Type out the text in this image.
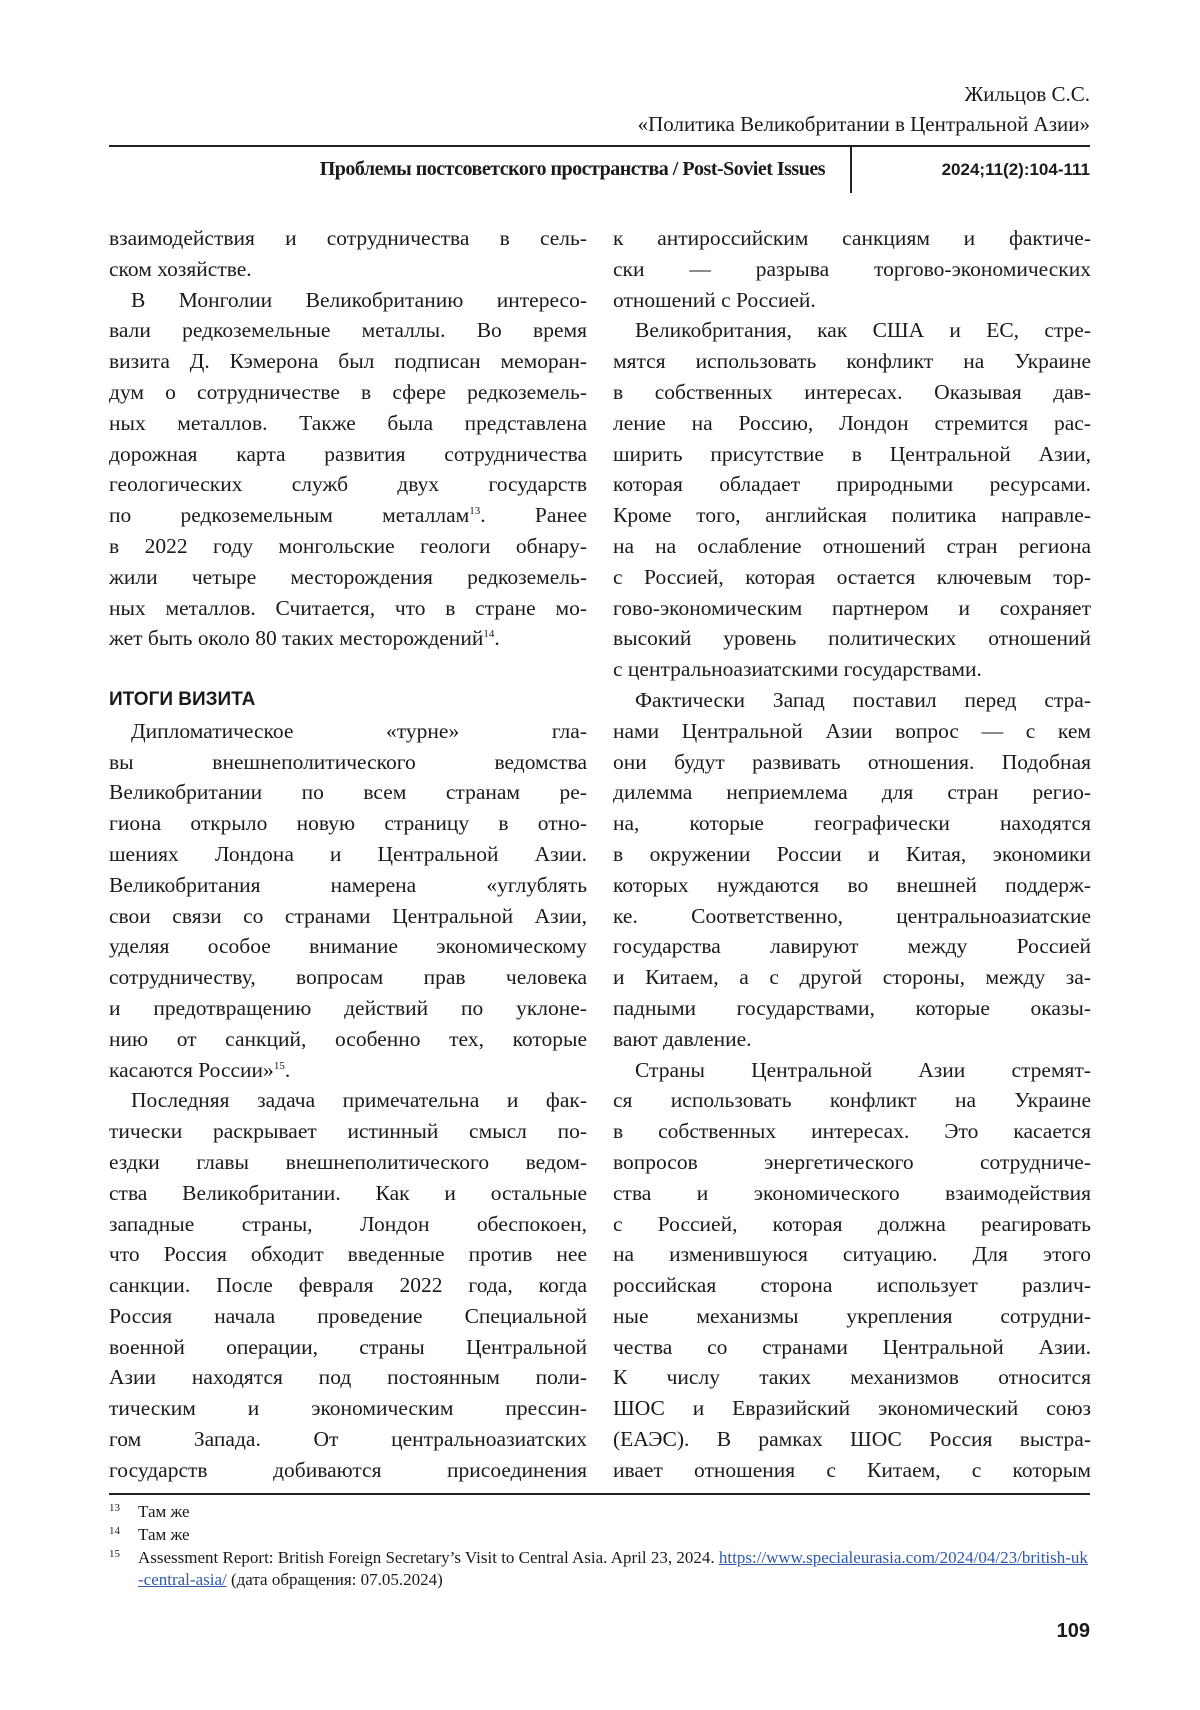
Жильцов С.С.
«Политика Великобритании в Центральной Азии»
Проблемы постсоветского пространства / Post-Soviet Issues	2024;11(2):104-111
взаимодействия и сотрудничества в сель-
ском хозяйстве.
В Монголии Великобританию интересо-
вали редкоземельные металлы. Во время
визита Д. Кэмерона был подписан меморан-
дум о сотрудничестве в сфере редкоземель-
ных металлов. Также была представлена
дорожная карта развития сотрудничества
геологических служб двух государств
по редкоземельным металлам13. Ранее
в 2022 году монгольские геологи обнару-
жили четыре месторождения редкоземель-
ных металлов. Считается, что в стране мо-
жет быть около 80 таких месторождений14.
ИТОГИ ВИЗИТА
Дипломатическое «турне» гла-
вы внешнеполитического ведомства
Великобритании по всем странам ре-
гиона открыло новую страницу в отно-
шениях Лондона и Центральной Азии.
Великобритания намерена «углублять
свои связи со странами Центральной Азии,
уделяя особое внимание экономическому
сотрудничеству, вопросам прав человека
и предотвращению действий по уклоне-
нию от санкций, особенно тех, которые
касаются России»15.
Последняя задача примечательна и фак-
тически раскрывает истинный смысл по-
ездки главы внешнеполитического ведом-
ства Великобритании. Как и остальные
западные страны, Лондон обеспокоен,
что Россия обходит введенные против нее
санкции. После февраля 2022 года, когда
Россия начала проведение Специальной
военной операции, страны Центральной
Азии находятся под постоянным поли-
тическим и экономическим прессин-
гом Запада. От центральноазиатских
государств добиваются присоединения
к антироссийским санкциям и фактиче-
ски — разрыва торгово-экономических
отношений с Россией.
Великобритания, как США и ЕС, стре-
мятся использовать конфликт на Украине
в собственных интересах. Оказывая дав-
ление на Россию, Лондон стремится рас-
ширить присутствие в Центральной Азии,
которая обладает природными ресурсами.
Кроме того, английская политика направле-
на на ослабление отношений стран региона
с Россией, которая остается ключевым тор-
гово-экономическим партнером и сохраняет
высокий уровень политических отношений
с центральноазиатскими государствами.
Фактически Запад поставил перед стра-
нами Центральной Азии вопрос — с кем
они будут развивать отношения. Подобная
дилемма неприемлема для стран регио-
на, которые географически находятся
в окружении России и Китая, экономики
которых нуждаются во внешней поддерж-
ке. Соответственно, центральноазиатские
государства лавируют между Россией
и Китаем, а с другой стороны, между за-
падными государствами, которые оказы-
вают давление.
Страны Центральной Азии стремят-
ся использовать конфликт на Украине
в собственных интересах. Это касается
вопросов энергетического сотрудниче-
ства и экономического взаимодействия
с Россией, которая должна реагировать
на изменившуюся ситуацию. Для этого
российская сторона использует различ-
ные механизмы укрепления сотрудни-
чества со странами Центральной Азии.
К числу таких механизмов относится
ШОС и Евразийский экономический союз
(ЕАЭС). В рамках ШОС Россия выстра-
ивает отношения с Китаем, с которым
13 Там же
14 Там же
15 Assessment Report: British Foreign Secretary’s Visit to Central Asia. April 23, 2024. https://www.specialeurasia.com/2024/04/23/british-uk-central-asia/ (дата обращения: 07.05.2024)
109
